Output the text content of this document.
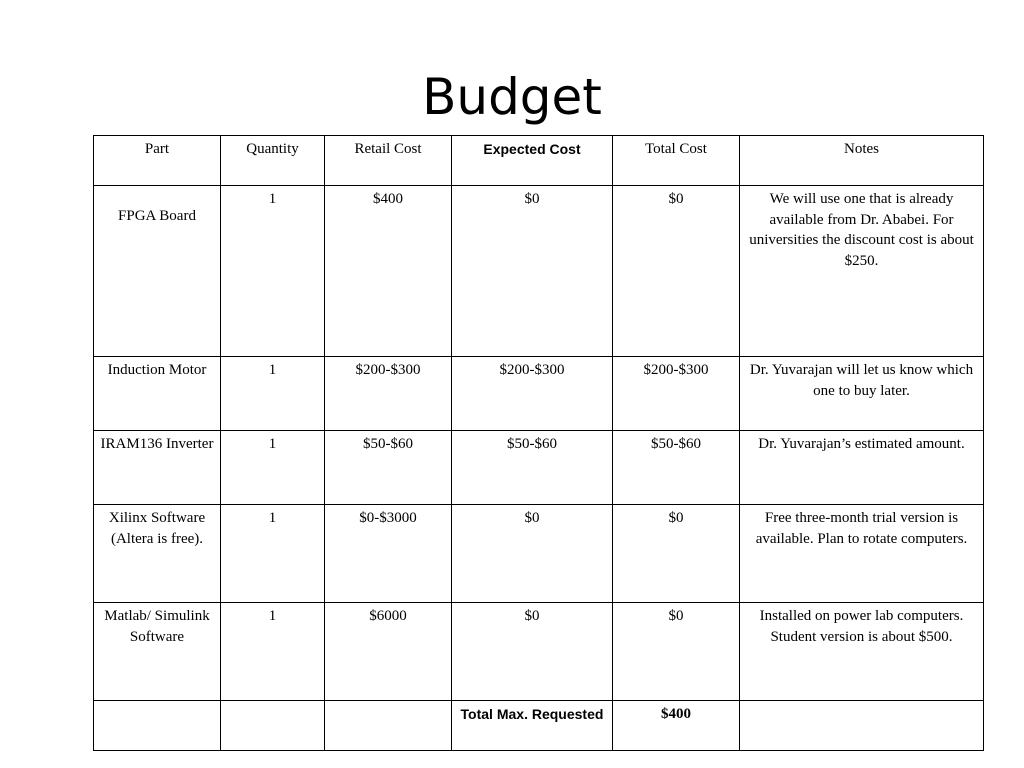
Budget
Part	Quantity	Retail Cost	Expected Cost	Total Cost	Notes
FPGA Board	1	$400	$0	$0	We will use one that is already available from Dr. Ababei. For universities the discount cost is about $250.
Induction Motor	1	$200-$300	$200-$300	$200-$300	Dr. Yuvarajan will let us know which one to buy later.
IRAM136 Inverter	1	$50-$60	$50-$60	$50-$60	Dr. Yuvarajan’s estimated amount.
Xilinx Software (Altera is free).	1	$0-$3000	$0	$0	Free three-month trial version is available. Plan to rotate computers.
Matlab/ Simulink Software	1	$6000	$0	$0	Installed on power lab computers. Student version is about $500.
			Total Max. Requested	$400	
